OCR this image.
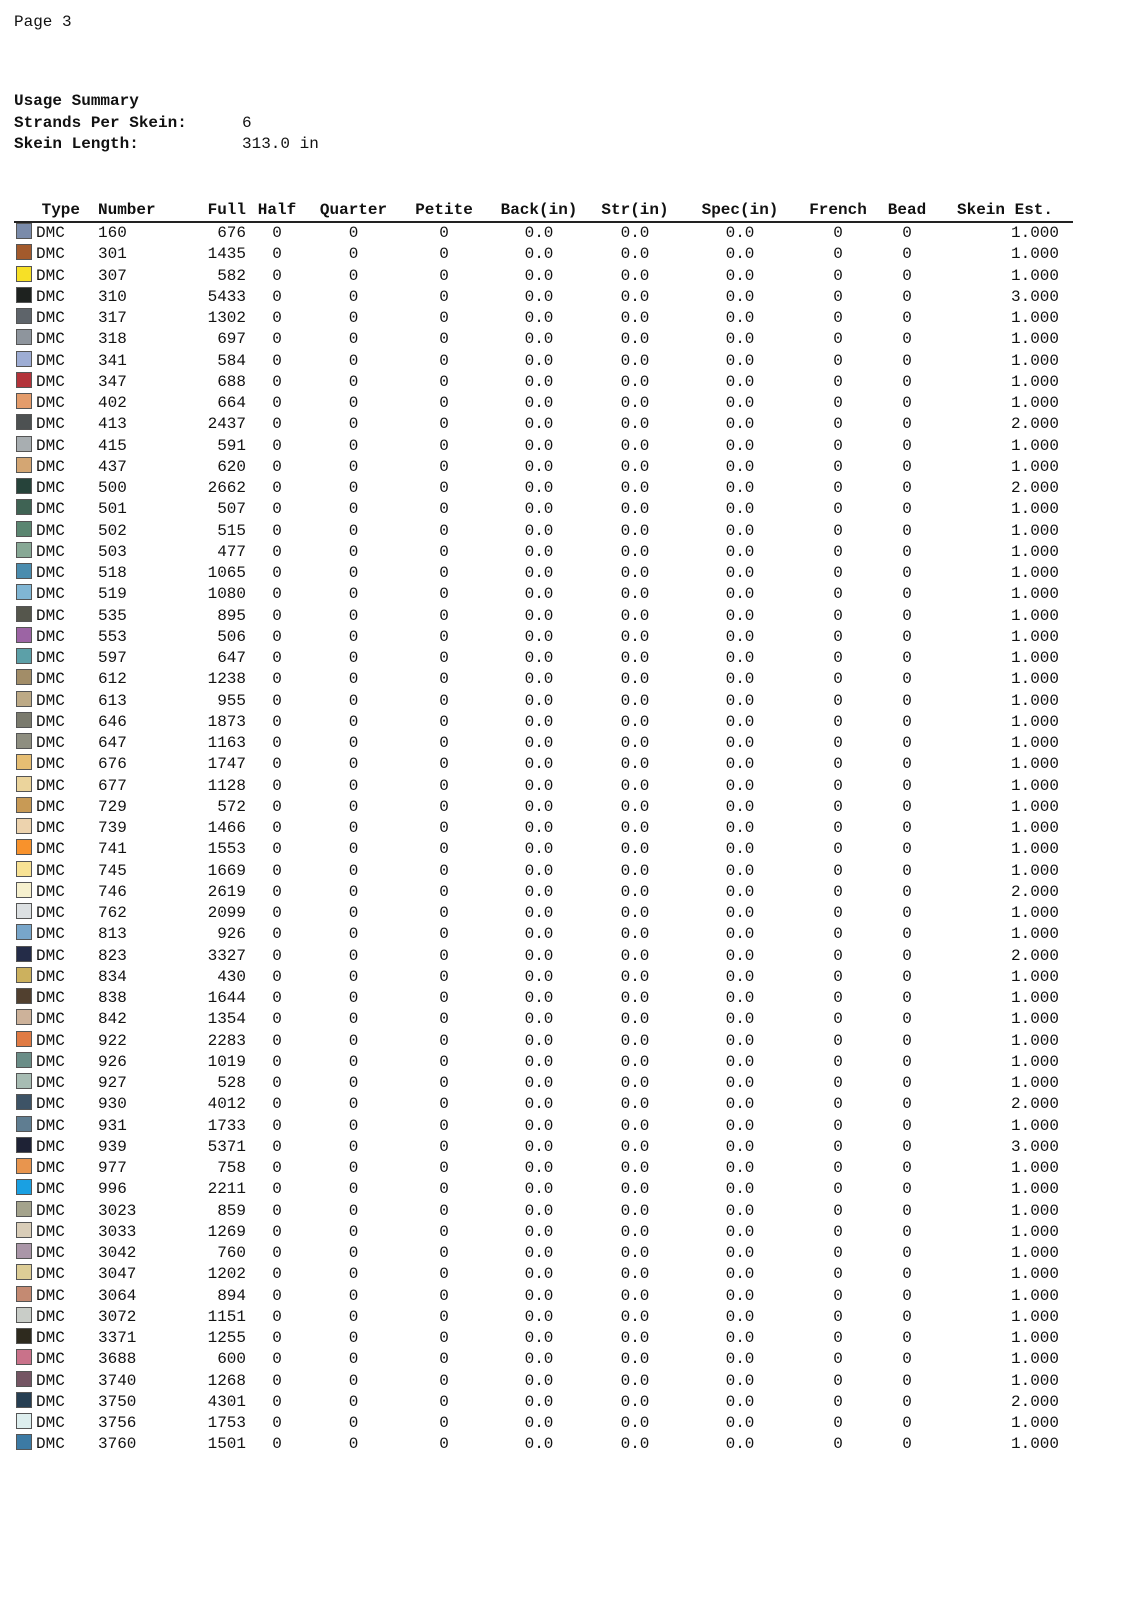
Page 3
Usage Summary
Strands Per Skein:	6
Skein Length:	313.0 in
Type	Number	Full	Half	Quarter	Petite	Back(in)	Str(in)	Spec(in)	French	Bead	Skein Est.
DMC	160	676	0	0	0	0.0	0.0	0.0	0	0	1.000
DMC	301	1435	0	0	0	0.0	0.0	0.0	0	0	1.000
DMC	307	582	0	0	0	0.0	0.0	0.0	0	0	1.000
DMC	310	5433	0	0	0	0.0	0.0	0.0	0	0	3.000
DMC	317	1302	0	0	0	0.0	0.0	0.0	0	0	1.000
DMC	318	697	0	0	0	0.0	0.0	0.0	0	0	1.000
DMC	341	584	0	0	0	0.0	0.0	0.0	0	0	1.000
DMC	347	688	0	0	0	0.0	0.0	0.0	0	0	1.000
DMC	402	664	0	0	0	0.0	0.0	0.0	0	0	1.000
DMC	413	2437	0	0	0	0.0	0.0	0.0	0	0	2.000
DMC	415	591	0	0	0	0.0	0.0	0.0	0	0	1.000
DMC	437	620	0	0	0	0.0	0.0	0.0	0	0	1.000
DMC	500	2662	0	0	0	0.0	0.0	0.0	0	0	2.000
DMC	501	507	0	0	0	0.0	0.0	0.0	0	0	1.000
DMC	502	515	0	0	0	0.0	0.0	0.0	0	0	1.000
DMC	503	477	0	0	0	0.0	0.0	0.0	0	0	1.000
DMC	518	1065	0	0	0	0.0	0.0	0.0	0	0	1.000
DMC	519	1080	0	0	0	0.0	0.0	0.0	0	0	1.000
DMC	535	895	0	0	0	0.0	0.0	0.0	0	0	1.000
DMC	553	506	0	0	0	0.0	0.0	0.0	0	0	1.000
DMC	597	647	0	0	0	0.0	0.0	0.0	0	0	1.000
DMC	612	1238	0	0	0	0.0	0.0	0.0	0	0	1.000
DMC	613	955	0	0	0	0.0	0.0	0.0	0	0	1.000
DMC	646	1873	0	0	0	0.0	0.0	0.0	0	0	1.000
DMC	647	1163	0	0	0	0.0	0.0	0.0	0	0	1.000
DMC	676	1747	0	0	0	0.0	0.0	0.0	0	0	1.000
DMC	677	1128	0	0	0	0.0	0.0	0.0	0	0	1.000
DMC	729	572	0	0	0	0.0	0.0	0.0	0	0	1.000
DMC	739	1466	0	0	0	0.0	0.0	0.0	0	0	1.000
DMC	741	1553	0	0	0	0.0	0.0	0.0	0	0	1.000
DMC	745	1669	0	0	0	0.0	0.0	0.0	0	0	1.000
DMC	746	2619	0	0	0	0.0	0.0	0.0	0	0	2.000
DMC	762	2099	0	0	0	0.0	0.0	0.0	0	0	1.000
DMC	813	926	0	0	0	0.0	0.0	0.0	0	0	1.000
DMC	823	3327	0	0	0	0.0	0.0	0.0	0	0	2.000
DMC	834	430	0	0	0	0.0	0.0	0.0	0	0	1.000
DMC	838	1644	0	0	0	0.0	0.0	0.0	0	0	1.000
DMC	842	1354	0	0	0	0.0	0.0	0.0	0	0	1.000
DMC	922	2283	0	0	0	0.0	0.0	0.0	0	0	1.000
DMC	926	1019	0	0	0	0.0	0.0	0.0	0	0	1.000
DMC	927	528	0	0	0	0.0	0.0	0.0	0	0	1.000
DMC	930	4012	0	0	0	0.0	0.0	0.0	0	0	2.000
DMC	931	1733	0	0	0	0.0	0.0	0.0	0	0	1.000
DMC	939	5371	0	0	0	0.0	0.0	0.0	0	0	3.000
DMC	977	758	0	0	0	0.0	0.0	0.0	0	0	1.000
DMC	996	2211	0	0	0	0.0	0.0	0.0	0	0	1.000
DMC	3023	859	0	0	0	0.0	0.0	0.0	0	0	1.000
DMC	3033	1269	0	0	0	0.0	0.0	0.0	0	0	1.000
DMC	3042	760	0	0	0	0.0	0.0	0.0	0	0	1.000
DMC	3047	1202	0	0	0	0.0	0.0	0.0	0	0	1.000
DMC	3064	894	0	0	0	0.0	0.0	0.0	0	0	1.000
DMC	3072	1151	0	0	0	0.0	0.0	0.0	0	0	1.000
DMC	3371	1255	0	0	0	0.0	0.0	0.0	0	0	1.000
DMC	3688	600	0	0	0	0.0	0.0	0.0	0	0	1.000
DMC	3740	1268	0	0	0	0.0	0.0	0.0	0	0	1.000
DMC	3750	4301	0	0	0	0.0	0.0	0.0	0	0	2.000
DMC	3756	1753	0	0	0	0.0	0.0	0.0	0	0	1.000
DMC	3760	1501	0	0	0	0.0	0.0	0.0	0	0	1.000
